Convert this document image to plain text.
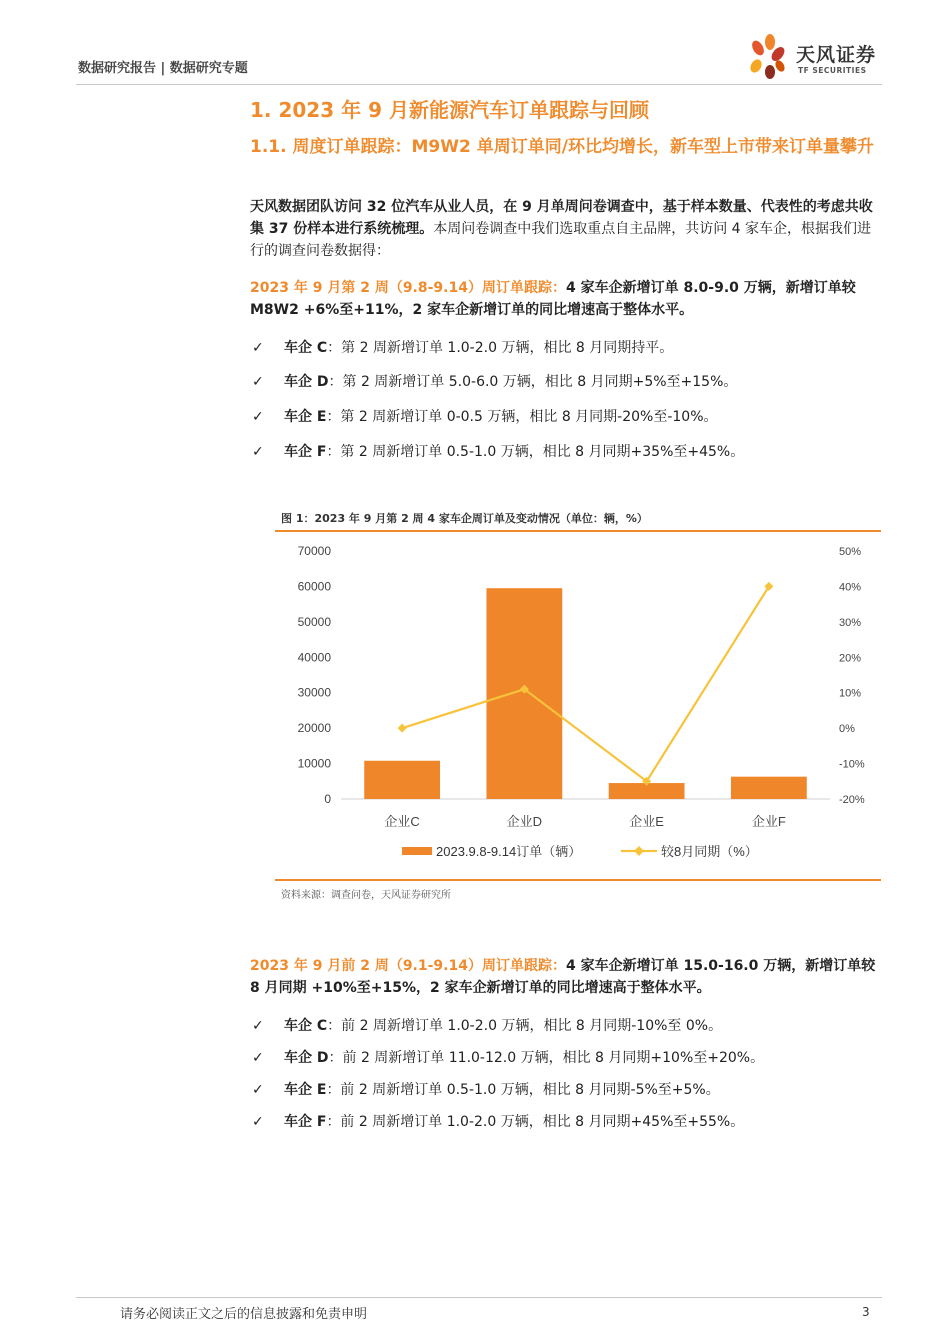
数据研究报告 | 数据研究专题
天风证券
TF SECURITIES
1. 2023 年 9 月新能源汽车订单跟踪与回顾
1.1. 周度订单跟踪：M9W2 单周订单同/环比均增长，新车型上市带来订单量攀升
天风数据团队访问 32 位汽车从业人员，在 9 月单周问卷调查中，基于样本数量、代表性的考虑共收集 37 份样本进行系统梳理。本周问卷调查中我们选取重点自主品牌，共访问 4 家车企，根据我们进行的调查问卷数据得：
2023 年 9 月第 2 周（9.8-9.14）周订单跟踪：4 家车企新增订单 8.0-9.0 万辆，新增订单较 M8W2 +6%至+11%，2 家车企新增订单的同比增速高于整体水平。
✓ 车企 C：第 2 周新增订单 1.0-2.0 万辆，相比 8 月同期持平。
✓ 车企 D：第 2 周新增订单 5.0-6.0 万辆，相比 8 月同期+5%至+15%。
✓ 车企 E：第 2 周新增订单 0-0.5 万辆，相比 8 月同期-20%至-10%。
✓ 车企 F：第 2 周新增订单 0.5-1.0 万辆，相比 8 月同期+35%至+45%。
图 1：2023 年 9 月第 2 周 4 家车企周订单及变动情况（单位：辆，%）
0
10000
20000
30000
40000
50000
60000
70000
-20%
-10%
0%
10%
20%
30%
40%
50%
企业C	企业D	企业E	企业F
2023.9.8-9.14订单（辆）	较8月同期（%）
资料来源：调查问卷，天风证券研究所
2023 年 9 月前 2 周（9.1-9.14）周订单跟踪：4 家车企新增订单 15.0-16.0 万辆，新增订单较 8 月同期 +10%至+15%，2 家车企新增订单的同比增速高于整体水平。
✓ 车企 C：前 2 周新增订单 1.0-2.0 万辆，相比 8 月同期-10%至 0%。
✓ 车企 D：前 2 周新增订单 11.0-12.0 万辆，相比 8 月同期+10%至+20%。
✓ 车企 E：前 2 周新增订单 0.5-1.0 万辆，相比 8 月同期-5%至+5%。
✓ 车企 F：前 2 周新增订单 1.0-2.0 万辆，相比 8 月同期+45%至+55%。
请务必阅读正文之后的信息披露和免责申明	3
